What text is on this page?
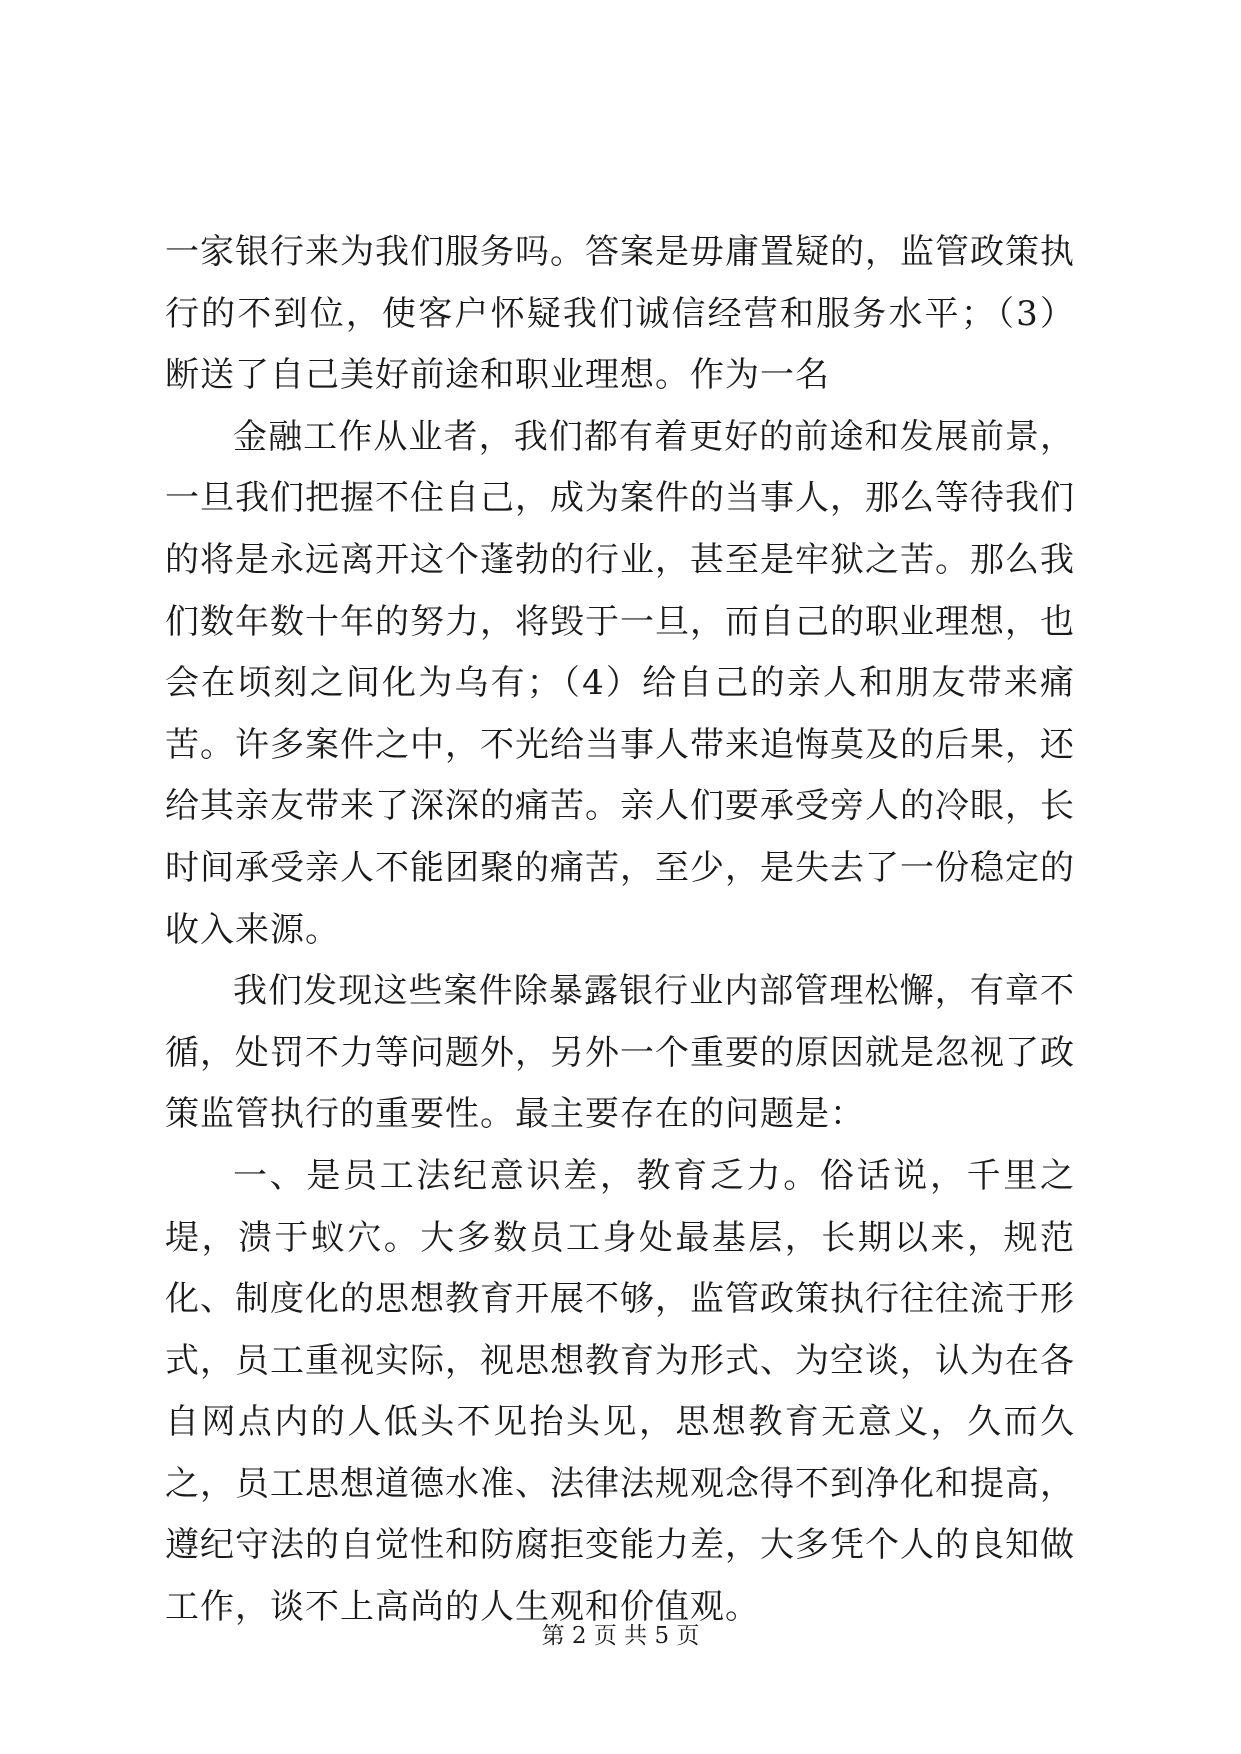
一家银行来为我们服务吗。答案是毋庸置疑的，监管政策执行的不到位，使客户怀疑我们诚信经营和服务水平；（3）断送了自己美好前途和职业理想。作为一名

金融工作从业者，我们都有着更好的前途和发展前景，一旦我们把握不住自己，成为案件的当事人，那么等待我们的将是永远离开这个蓬勃的行业，甚至是牢狱之苦。那么我们数年数十年的努力，将毁于一旦，而自己的职业理想，也会在顷刻之间化为乌有；（4）给自己的亲人和朋友带来痛苦。许多案件之中，不光给当事人带来追悔莫及的后果，还给其亲友带来了深深的痛苦。亲人们要承受旁人的冷眼，长时间承受亲人不能团聚的痛苦，至少，是失去了一份稳定的收入来源。

我们发现这些案件除暴露银行业内部管理松懈，有章不循，处罚不力等问题外，另外一个重要的原因就是忽视了政策监管执行的重要性。最主要存在的问题是：

一、是员工法纪意识差，教育乏力。俗话说，千里之堤，溃于蚁穴。大多数员工身处最基层，长期以来，规范化、制度化的思想教育开展不够，监管政策执行往往流于形式，员工重视实际，视思想教育为形式、为空谈，认为在各自网点内的人低头不见抬头见，思想教育无意义，久而久之，员工思想道德水准、法律法规观念得不到净化和提高，遵纪守法的自觉性和防腐拒变能力差，大多凭个人的良知做工作，谈不上高尚的人生观和价值观。

第 2 页 共 5 页
